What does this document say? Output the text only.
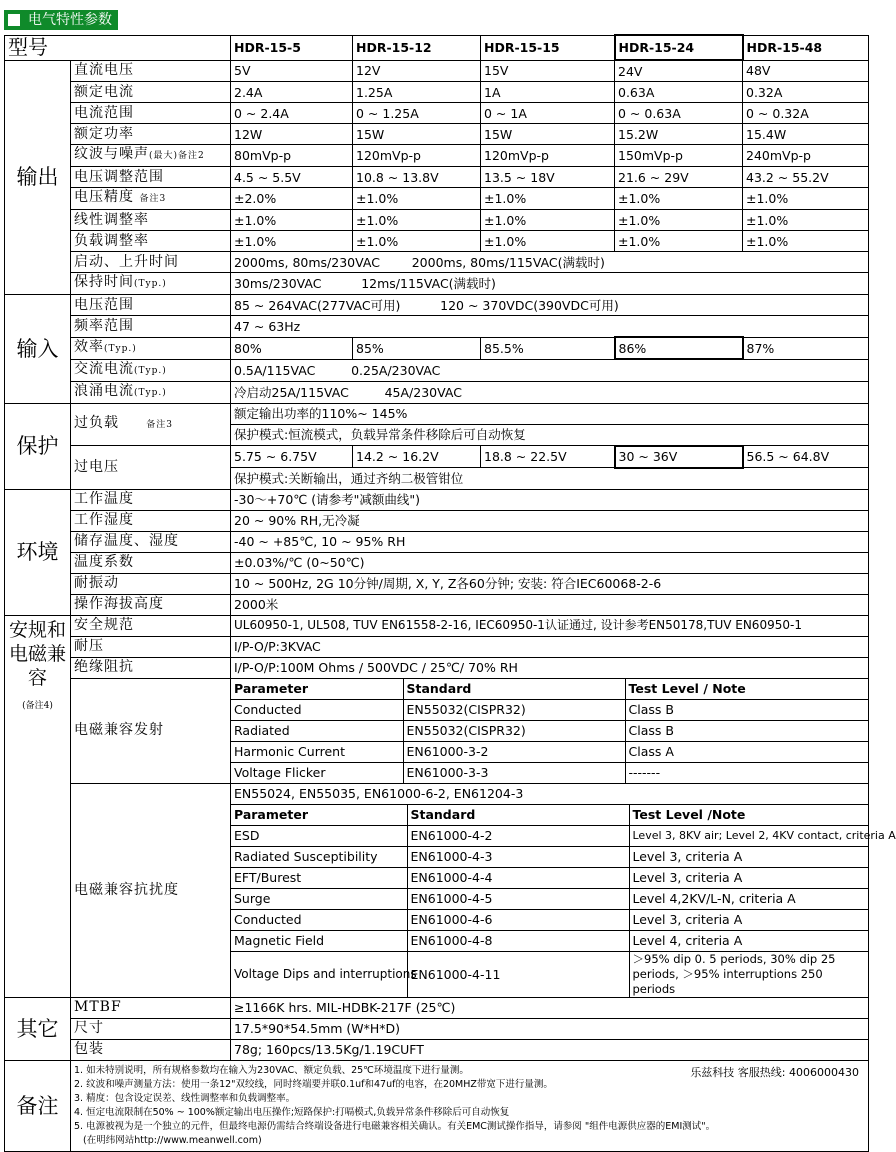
电气特性参数
型号	HDR-15-5	HDR-15-12	HDR-15-15	HDR-15-24	HDR-15-48
输出	直流电压	5V	12V	15V	24V	48V
额定电流	2.4A	1.25A	1A	0.63A	0.32A
电流范围	0 ~ 2.4A	0 ~ 1.25A	0 ~ 1A	0 ~ 0.63A	0 ~ 0.32A
额定功率	12W	15W	15W	15.2W	15.4W
纹波与噪声(最大)备注2	80mVp-p	120mVp-p	120mVp-p	150mVp-p	240mVp-p
电压调整范围	4.5 ~ 5.5V	10.8 ~ 13.8V	13.5 ~ 18V	21.6 ~ 29V	43.2 ~ 55.2V
电压精度 备注3	±2.0%	±1.0%	±1.0%	±1.0%	±1.0%
线性调整率	±1.0%	±1.0%	±1.0%	±1.0%	±1.0%
负载调整率	±1.0%	±1.0%	±1.0%	±1.0%	±1.0%
启动、上升时间	2000ms, 80ms/230VAC        2000ms, 80ms/115VAC(满载时)
保持时间(Typ.)	30ms/230VAC          12ms/115VAC(满载时)
输入	电压范围	85 ~ 264VAC(277VAC可用)          120 ~ 370VDC(390VDC可用)
频率范围	47 ~ 63Hz
效率(Typ.)	80%	85%	85.5%	86%	87%
交流电流(Typ.)	0.5A/115VAC         0.25A/230VAC
浪涌电流(Typ.)	冷启动25A/115VAC         45A/230VAC
保护	过负载	备注3	额定输出功率的110%~ 145%
保护模式:恒流模式，负载异常条件移除后可自动恢复
过电压	5.75 ~ 6.75V	14.2 ~ 16.2V	18.8 ~ 22.5V	30 ~ 36V	56.5 ~ 64.8V
保护模式:关断输出，通过齐纳二极管钳位
环境	工作温度	-30～+70℃ (请参考"减额曲线")
工作湿度	20 ~ 90% RH,无冷凝
储存温度、湿度	-40 ~ +85℃, 10 ~ 95% RH
温度系数	±0.03%/℃ (0~50℃)
耐振动	10 ~ 500Hz, 2G 10分钟/周期, X, Y, Z各60分钟; 安装: 符合IEC60068-2-6
操作海拔高度	2000米
安规和电磁兼容
(备注4)	安全规范	UL60950-1, UL508, TUV EN61558-2-16, IEC60950-1认证通过, 设计参考EN50178,TUV EN60950-1
耐压	I/P-O/P:3KVAC
绝缘阻抗	I/P-O/P:100M Ohms / 500VDC / 25℃/ 70% RH
电磁兼容发射	
Parameter	Standard	Test Level / Note
Conducted	EN55032(CISPR32)	Class B
Radiated	EN55032(CISPR32)	Class B
Harmonic Current	EN61000-3-2	Class A
Voltage Flicker	EN61000-3-3	-------

电磁兼容抗扰度	
EN55024, EN55035, EN61000-6-2, EN61204-3
Parameter	Standard	Test Level /Note
ESD	EN61000-4-2	Level 3, 8KV air; Level 2, 4KV contact, criteria A
Radiated Susceptibility	EN61000-4-3	Level 3, criteria A
EFT/Burest	EN61000-4-4	Level 3, criteria A
Surge	EN61000-4-5	Level 4,2KV/L-N, criteria A
Conducted	EN61000-4-6	Level 3, criteria A
Magnetic Field	EN61000-4-8	Level 4, criteria A
Voltage Dips and interruptions	EN61000-4-11	＞95% dip 0. 5 periods, 30% dip 25 periods, ＞95% interruptions 250 periods

其它	MTBF	≥1166K hrs. MIL-HDBK-217F (25℃)
尺寸	17.5*90*54.5mm (W*H*D)
包装	78g; 160pcs/13.5Kg/1.19CUFT
备注	
乐兹科技 客服热线: 4006000430
1. 如未特别说明，所有规格参数均在输入为230VAC、额定负载、25℃环境温度下进行量测。
2. 纹波和噪声测量方法：使用一条12"双绞线，同时终端要并联0.1uf和47uf的电容，在20MHZ带宽下进行量测。
3. 精度：包含设定误差、线性调整率和负载调整率。
4. 恒定电流限制在50% ~ 100%额定输出电压操作;短路保护:打嗝模式,负载异常条件移除后可自动恢复
5. 电源被视为是一个独立的元件，但最终电源仍需结合终端设备进行电磁兼容相关确认。有关EMC测试操作指导，请参阅 "组件电源供应器的EMI测试"。
(在明纬网站http://www.meanwell.com)
